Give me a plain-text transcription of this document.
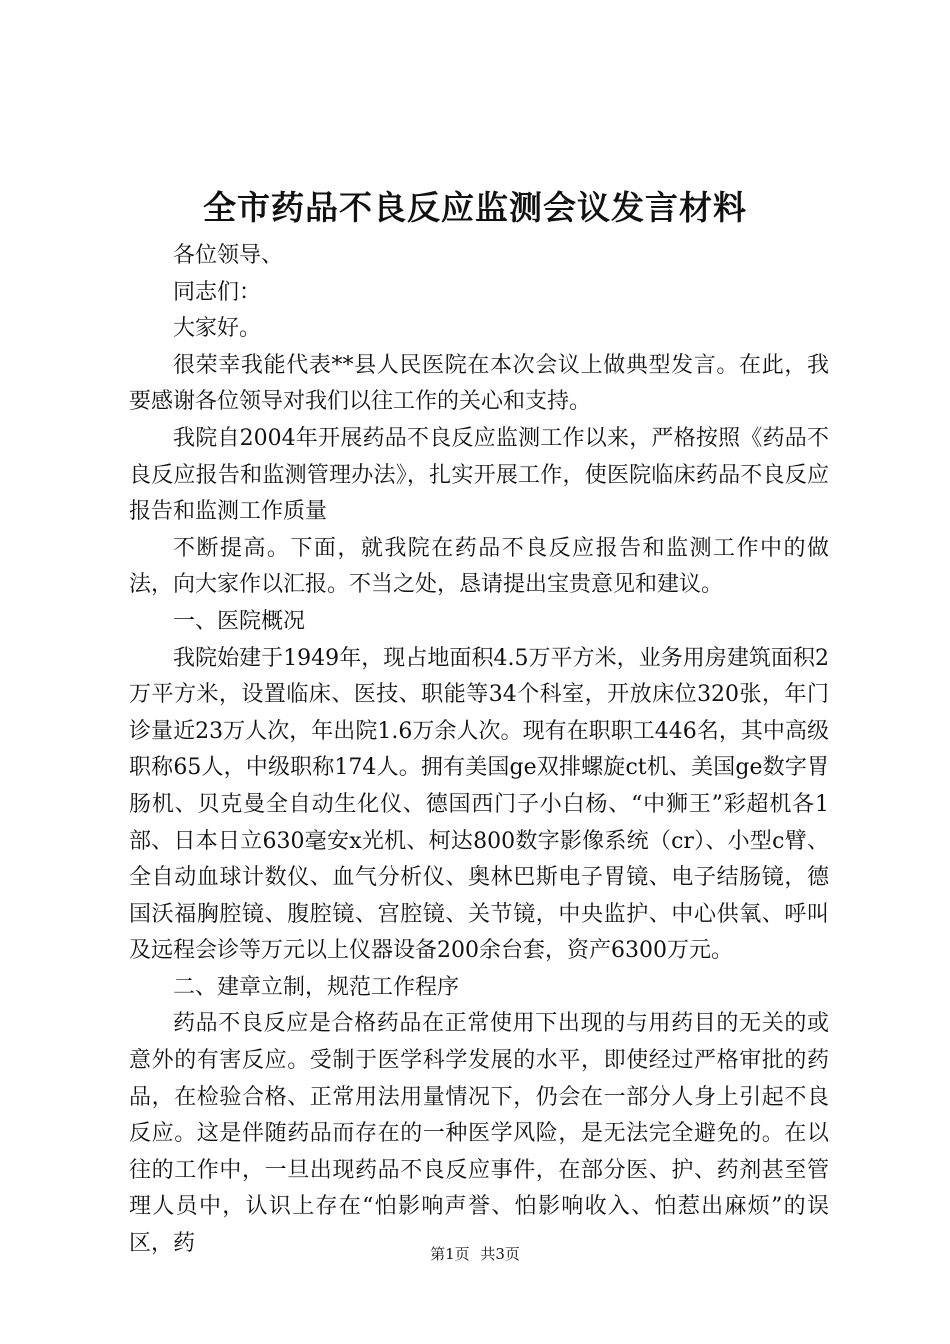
全市药品不良反应监测会议发言材料

各位领导、

同志们：

大家好。

很荣幸我能代表**县人民医院在本次会议上做典型发言。在此，我要感谢各位领导对我们以往工作的关心和支持。

我院自2004年开展药品不良反应监测工作以来，严格按照《药品不良反应报告和监测管理办法》，扎实开展工作，使医院临床药品不良反应报告和监测工作质量

不断提高。下面，就我院在药品不良反应报告和监测工作中的做法，向大家作以汇报。不当之处，恳请提出宝贵意见和建议。

一、医院概况

我院始建于1949年，现占地面积4.5万平方米，业务用房建筑面积2万平方米，设置临床、医技、职能等34个科室，开放床位320张，年门诊量近23万人次，年出院1.6万余人次。现有在职职工446名，其中高级职称65人，中级职称174人。拥有美国ge双排螺旋ct机、美国ge数字胃肠机、贝克曼全自动生化仪、德国西门子小白杨、“中狮王”彩超机各1部、日本日立630毫安x光机、柯达800数字影像系统（cr）、小型c臂、全自动血球计数仪、血气分析仪、奥林巴斯电子胃镜、电子结肠镜，德国沃福胸腔镜、腹腔镜、宫腔镜、关节镜，中央监护、中心供氧、呼叫及远程会诊等万元以上仪器设备200余台套，资产6300万元。

二、建章立制，规范工作程序

药品不良反应是合格药品在正常使用下出现的与用药目的无关的或意外的有害反应。受制于医学科学发展的水平，即使经过严格审批的药品，在检验合格、正常用法用量情况下，仍会在一部分人身上引起不良反应。这是伴随药品而存在的一种医学风险，是无法完全避免的。在以往的工作中，一旦出现药品不良反应事件，在部分医、护、药剂甚至管理人员中，认识上存在“怕影响声誉、怕影响收入、怕惹出麻烦”的误区，药	第1页 共3页
